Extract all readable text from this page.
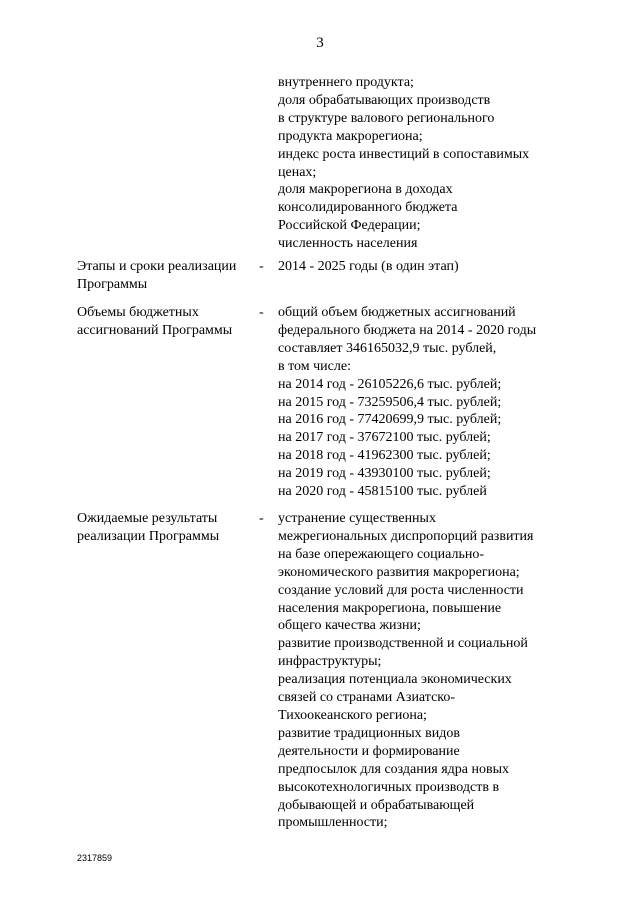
3
внутреннего продукта;
доля обрабатывающих производств
в структуре валового регионального
продукта макрорегиона;
индекс роста инвестиций в сопоставимых
ценах;
доля макрорегиона в доходах
консолидированного бюджета
Российской Федерации;
численность населения
Этапы и сроки реализации
Программы
- 2014 - 2025 годы (в один этап)
Объемы бюджетных
ассигнований Программы
- общий объем бюджетных ассигнований
федерального бюджета на 2014 - 2020 годы
составляет 346165032,9 тыс. рублей,
в том числе:
на 2014 год - 26105226,6 тыс. рублей;
на 2015 год - 73259506,4 тыс. рублей;
на 2016 год - 77420699,9 тыс. рублей;
на 2017 год - 37672100 тыс. рублей;
на 2018 год - 41962300 тыс. рублей;
на 2019 год - 43930100 тыс. рублей;
на 2020 год - 45815100 тыс. рублей
Ожидаемые результаты
реализации Программы
- устранение существенных
межрегиональных диспропорций развития
на базе опережающего социально-
экономического развития макрорегиона;
создание условий для роста численности
населения макрорегиона, повышение
общего качества жизни;
развитие производственной и социальной
инфраструктуры;
реализация потенциала экономических
связей со странами Азиатско-
Тихоокеанского региона;
развитие традиционных видов
деятельности и формирование
предпосылок для создания ядра новых
высокотехнологичных производств в
добывающей и обрабатывающей
промышленности;
2317859
